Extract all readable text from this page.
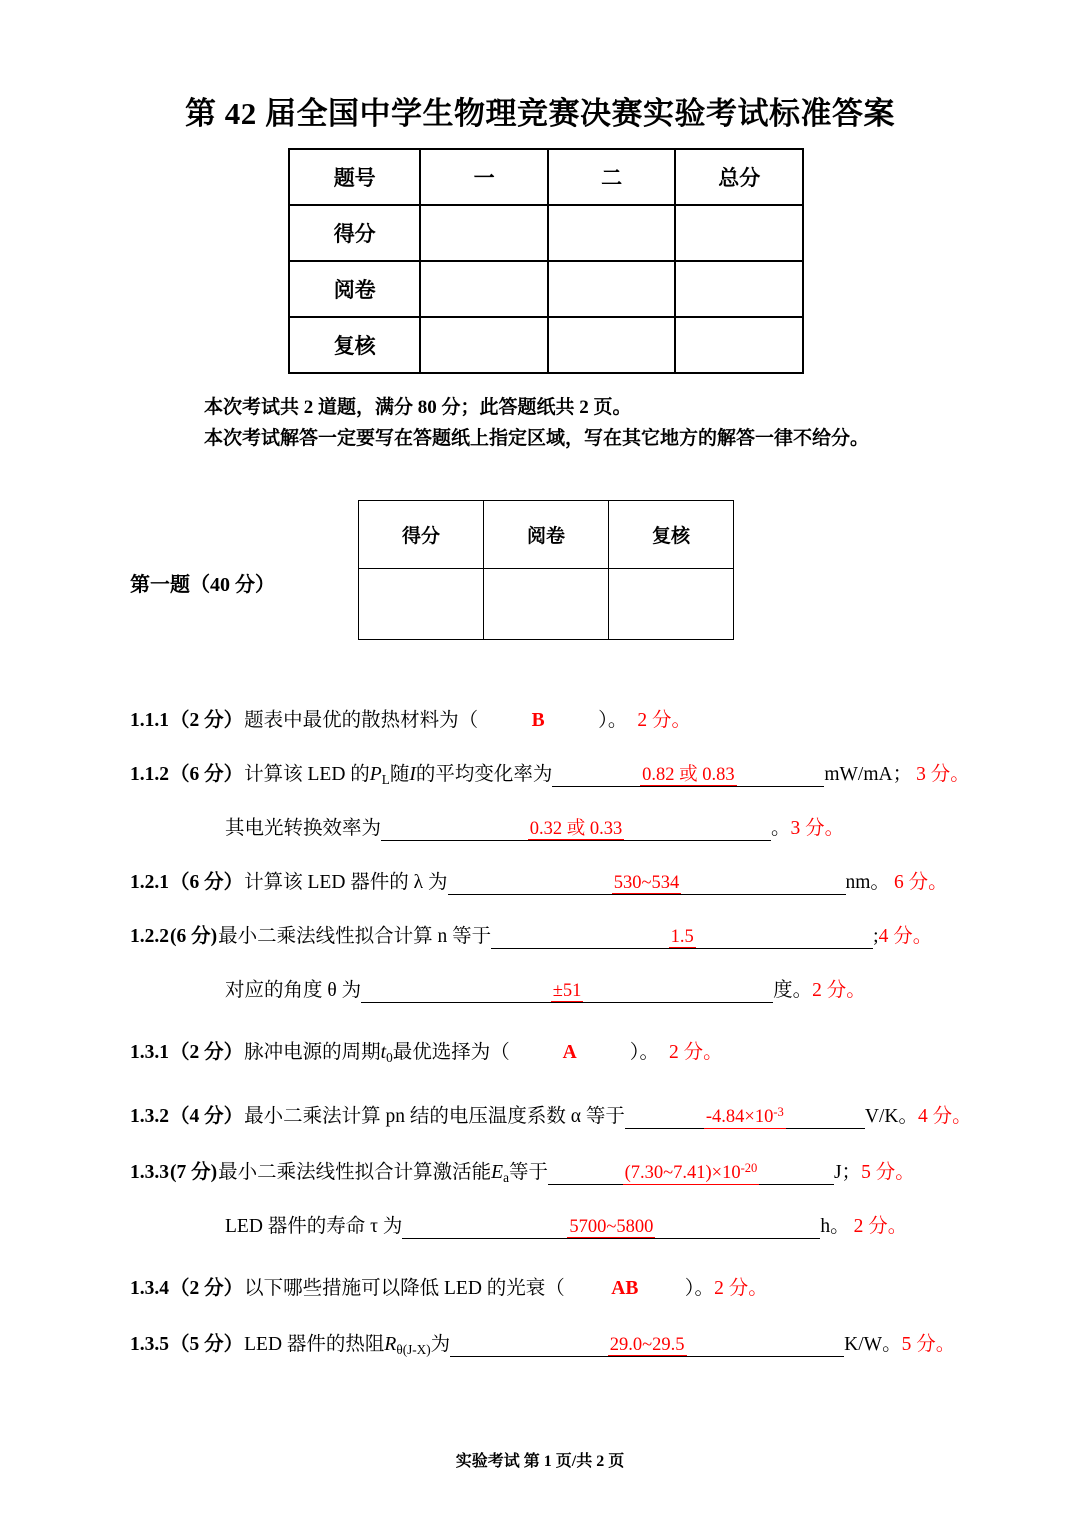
第 42 届全国中学生物理竞赛决赛实验考试标准答案
题号	一	二	总分
得分			
阅卷			
复核			
本次考试共 2 道题，满分 80 分；此答题纸共 2 页。
本次考试解答一定要写在答题纸上指定区域，写在其它地方的解答一律不给分。
第一题（40 分）
得分	阅卷	复核

1.1.1 （2 分） 题表中最优的散热材料为（	B	）。 2 分。
1.1.2 （6 分） 计算该 LED 的 $P_L$ 随 I 的平均变化率为	0.82 或 0.83	mW/mA； 3 分。
其电光转换效率为	0.32 或 0.33	。 3 分。
1.2.1 （6 分） 计算该 LED 器件的 λ 为	530~534	nm。 6 分。
1.2.2 (6 分) 最小二乘法线性拟合计算 n 等于	1.5	; 4 分。
对应的角度 θ 为	±51	度。 2 分。
1.3.1 （2 分） 脉冲电源的周期 $t_0$ 最优选择为（	A	）。 2 分。
1.3.2 （4 分） 最小二乘法计算 pn 结的电压温度系数 α 等于	$-4.84\times 10^{-3}$	V/K。 4 分。
1.3.3 (7 分) 最小二乘法线性拟合计算激活能 $E_a$ 等于	$(7.30\sim 7.41)\times 10^{-20}$	J； 5 分。
LED 器件的寿命 τ 为	5700~5800	h。 2 分。
1.3.4 （2 分） 以下哪些措施可以降低 LED 的光衰（	AB	）。 2 分。
1.3.5 （5 分） LED 器件的热阻 $R_{\theta(J-X)}$ 为	29.0~29.5	K/W。 5 分。
实验考试 第 1 页/共 2 页
